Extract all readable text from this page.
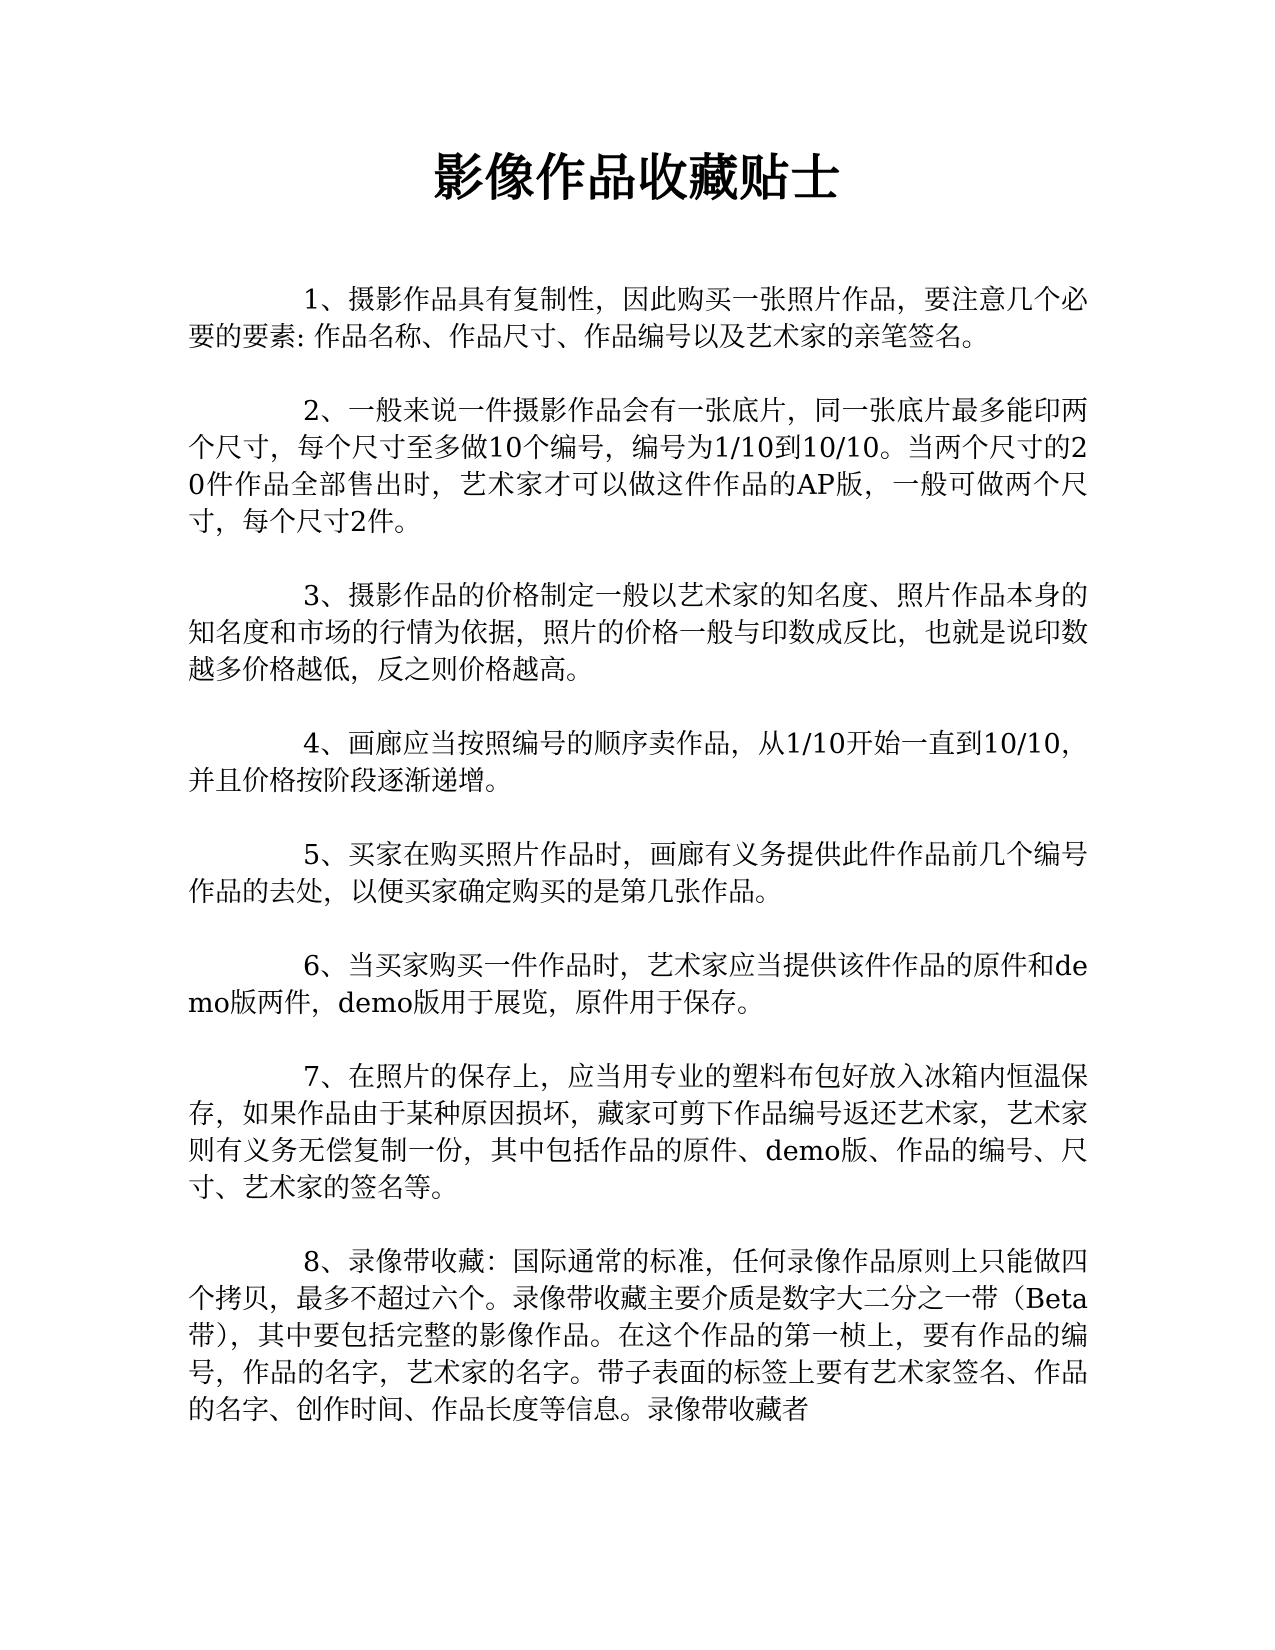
影像作品收藏贴士

1、摄影作品具有复制性，因此购买一张照片作品，要注意几个必要的要素: 作品名称、作品尺寸、作品编号以及艺术家的亲笔签名。

2、一般来说一件摄影作品会有一张底片，同一张底片最多能印两个尺寸，每个尺寸至多做10个编号，编号为1/10到10/10。当两个尺寸的20件作品全部售出时，艺术家才可以做这件作品的AP版，一般可做两个尺寸，每个尺寸2件。

3、摄影作品的价格制定一般以艺术家的知名度、照片作品本身的知名度和市场的行情为依据，照片的价格一般与印数成反比，也就是说印数越多价格越低，反之则价格越高。

4、画廊应当按照编号的顺序卖作品，从1/10开始一直到10/10，并且价格按阶段逐渐递增。

5、买家在购买照片作品时，画廊有义务提供此件作品前几个编号作品的去处，以便买家确定购买的是第几张作品。

6、当买家购买一件作品时，艺术家应当提供该件作品的原件和demo版两件，demo版用于展览，原件用于保存。

7、在照片的保存上，应当用专业的塑料布包好放入冰箱内恒温保存，如果作品由于某种原因损坏，藏家可剪下作品编号返还艺术家，艺术家则有义务无偿复制一份，其中包括作品的原件、demo版、作品的编号、尺寸、艺术家的签名等。

8、录像带收藏：国际通常的标准，任何录像作品原则上只能做四个拷贝，最多不超过六个。录像带收藏主要介质是数字大二分之一带（Beta带），其中要包括完整的影像作品。在这个作品的第一桢上，要有作品的编号，作品的名字，艺术家的名字。带子表面的标签上要有艺术家签名、作品的名字、创作时间、作品长度等信息。录像带收藏者
